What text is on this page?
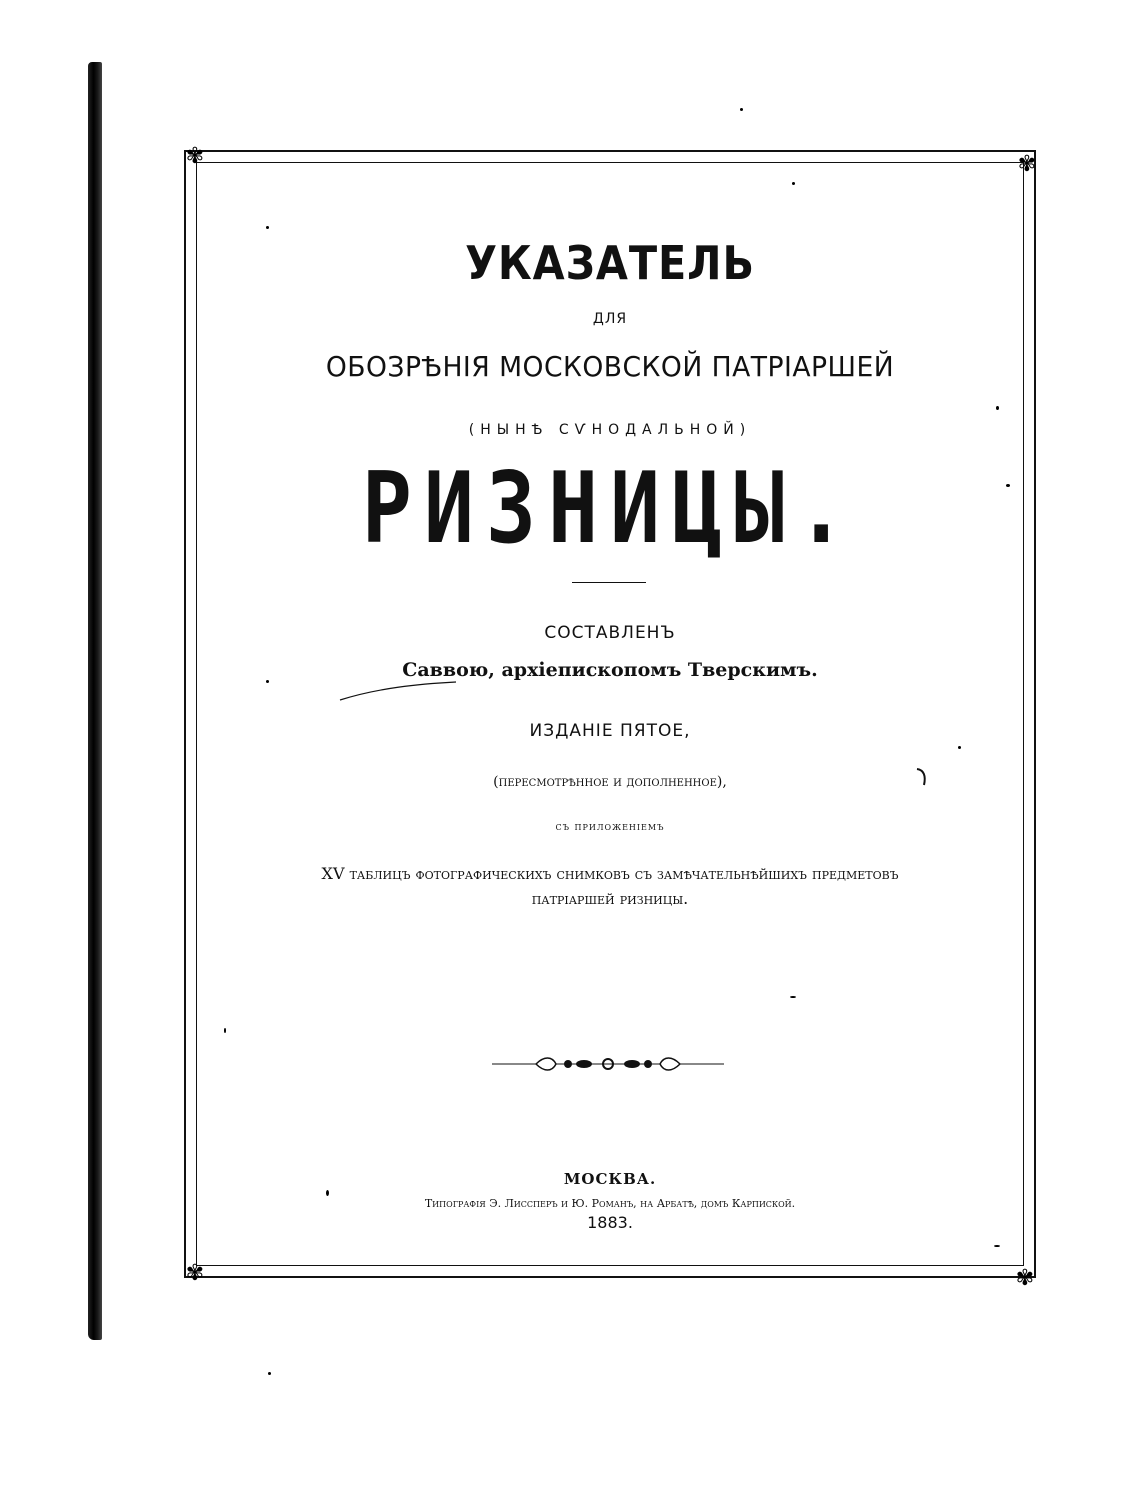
✾	✾
✾	✾
УКАЗАТЕЛЬ

ДЛЯ

ОБОЗРѢНІЯ МОСКОВСКОЙ ПАТРІАРШЕЙ

(НЫНѢ СѴНОДАЛЬНОЙ)

РИЗНИЦЫ.

СОСТАВЛЕНЪ

Саввою, архіепископомъ Тверскимъ.

ИЗДАНІЕ ПЯТОЕ,

(пересмотрѣнное и дополненное),

съ приложеніемъ

XV таблицъ фотографическихъ снимковъ съ замѣчательнѣйшихъ предметовъ

патріаршей ризницы.

МОСКВА.

Типографія Э. Лиссперъ и Ю. Романъ, на Арбатѣ, домъ Карпиской.

1883.
